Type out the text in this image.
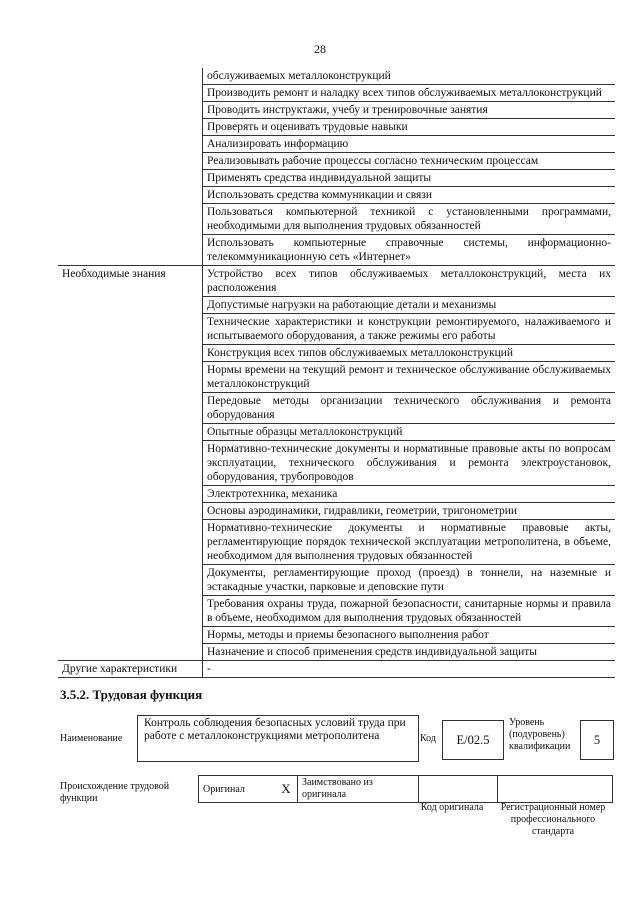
28
	обслуживаемых металлоконструкций
	Производить ремонт и наладку всех типов обслуживаемых металлоконструкций
	Проводить инструктажи, учебу и тренировочные занятия
	Проверять и оценивать трудовые навыки
	Анализировать информацию
	Реализовывать рабочие процессы согласно техническим процессам
	Применять средства индивидуальной защиты
	Использовать средства коммуникации и связи
	Пользоваться компьютерной техникой с установленными программами, необходимыми для выполнения трудовых обязанностей
	Использовать компьютерные справочные системы, информационно-телекоммуникационную сеть «Интернет»
Необходимые знания	Устройство всех типов обслуживаемых металлоконструкций, места их расположения
	Допустимые нагрузки на работающие детали и механизмы
	Технические характеристики и конструкции ремонтируемого, налаживаемого и испытываемого оборудования, а также режимы его работы
	Конструкция всех типов обслуживаемых металлоконструкций
	Нормы времени на текущий ремонт и техническое обслуживание обслуживаемых металлоконструкций
	Передовые методы организации технического обслуживания и ремонта оборудования
	Опытные образцы металлоконструкций
	Нормативно-технические документы и нормативные правовые акты по вопросам эксплуатации, технического обслуживания и ремонта электроустановок, оборудования, трубопроводов
	Электротехника, механика
	Основы аэродинамики, гидравлики, геометрии, тригонометрии
	Нормативно-технические документы и нормативные правовые акты, регламентирующие порядок технической эксплуатации метрополитена, в объеме, необходимом для выполнения трудовых обязанностей
	Документы, регламентирующие проход (проезд) в тоннели, на наземные и эстакадные участки, парковые и деповские пути
	Требования охраны труда, пожарной безопасности, санитарные нормы и правила в объеме, необходимом для выполнения трудовых обязанностей
	Нормы, методы и приемы безопасного выполнения работ
	Назначение и способ применения средств индивидуальной защиты
Другие характеристики	-
3.5.2. Трудовая функция
Наименование
Контроль соблюдения безопасных условий труда при работе с металлоконструкциями метрополитена	Код	E/02.5
Уровень (подуровень) квалификации	5
Происхождение трудовой функции
Оригинал	X	Заимствовано из оригинала		
Код оригинала	Регистрационный номер профессионального стандарта
